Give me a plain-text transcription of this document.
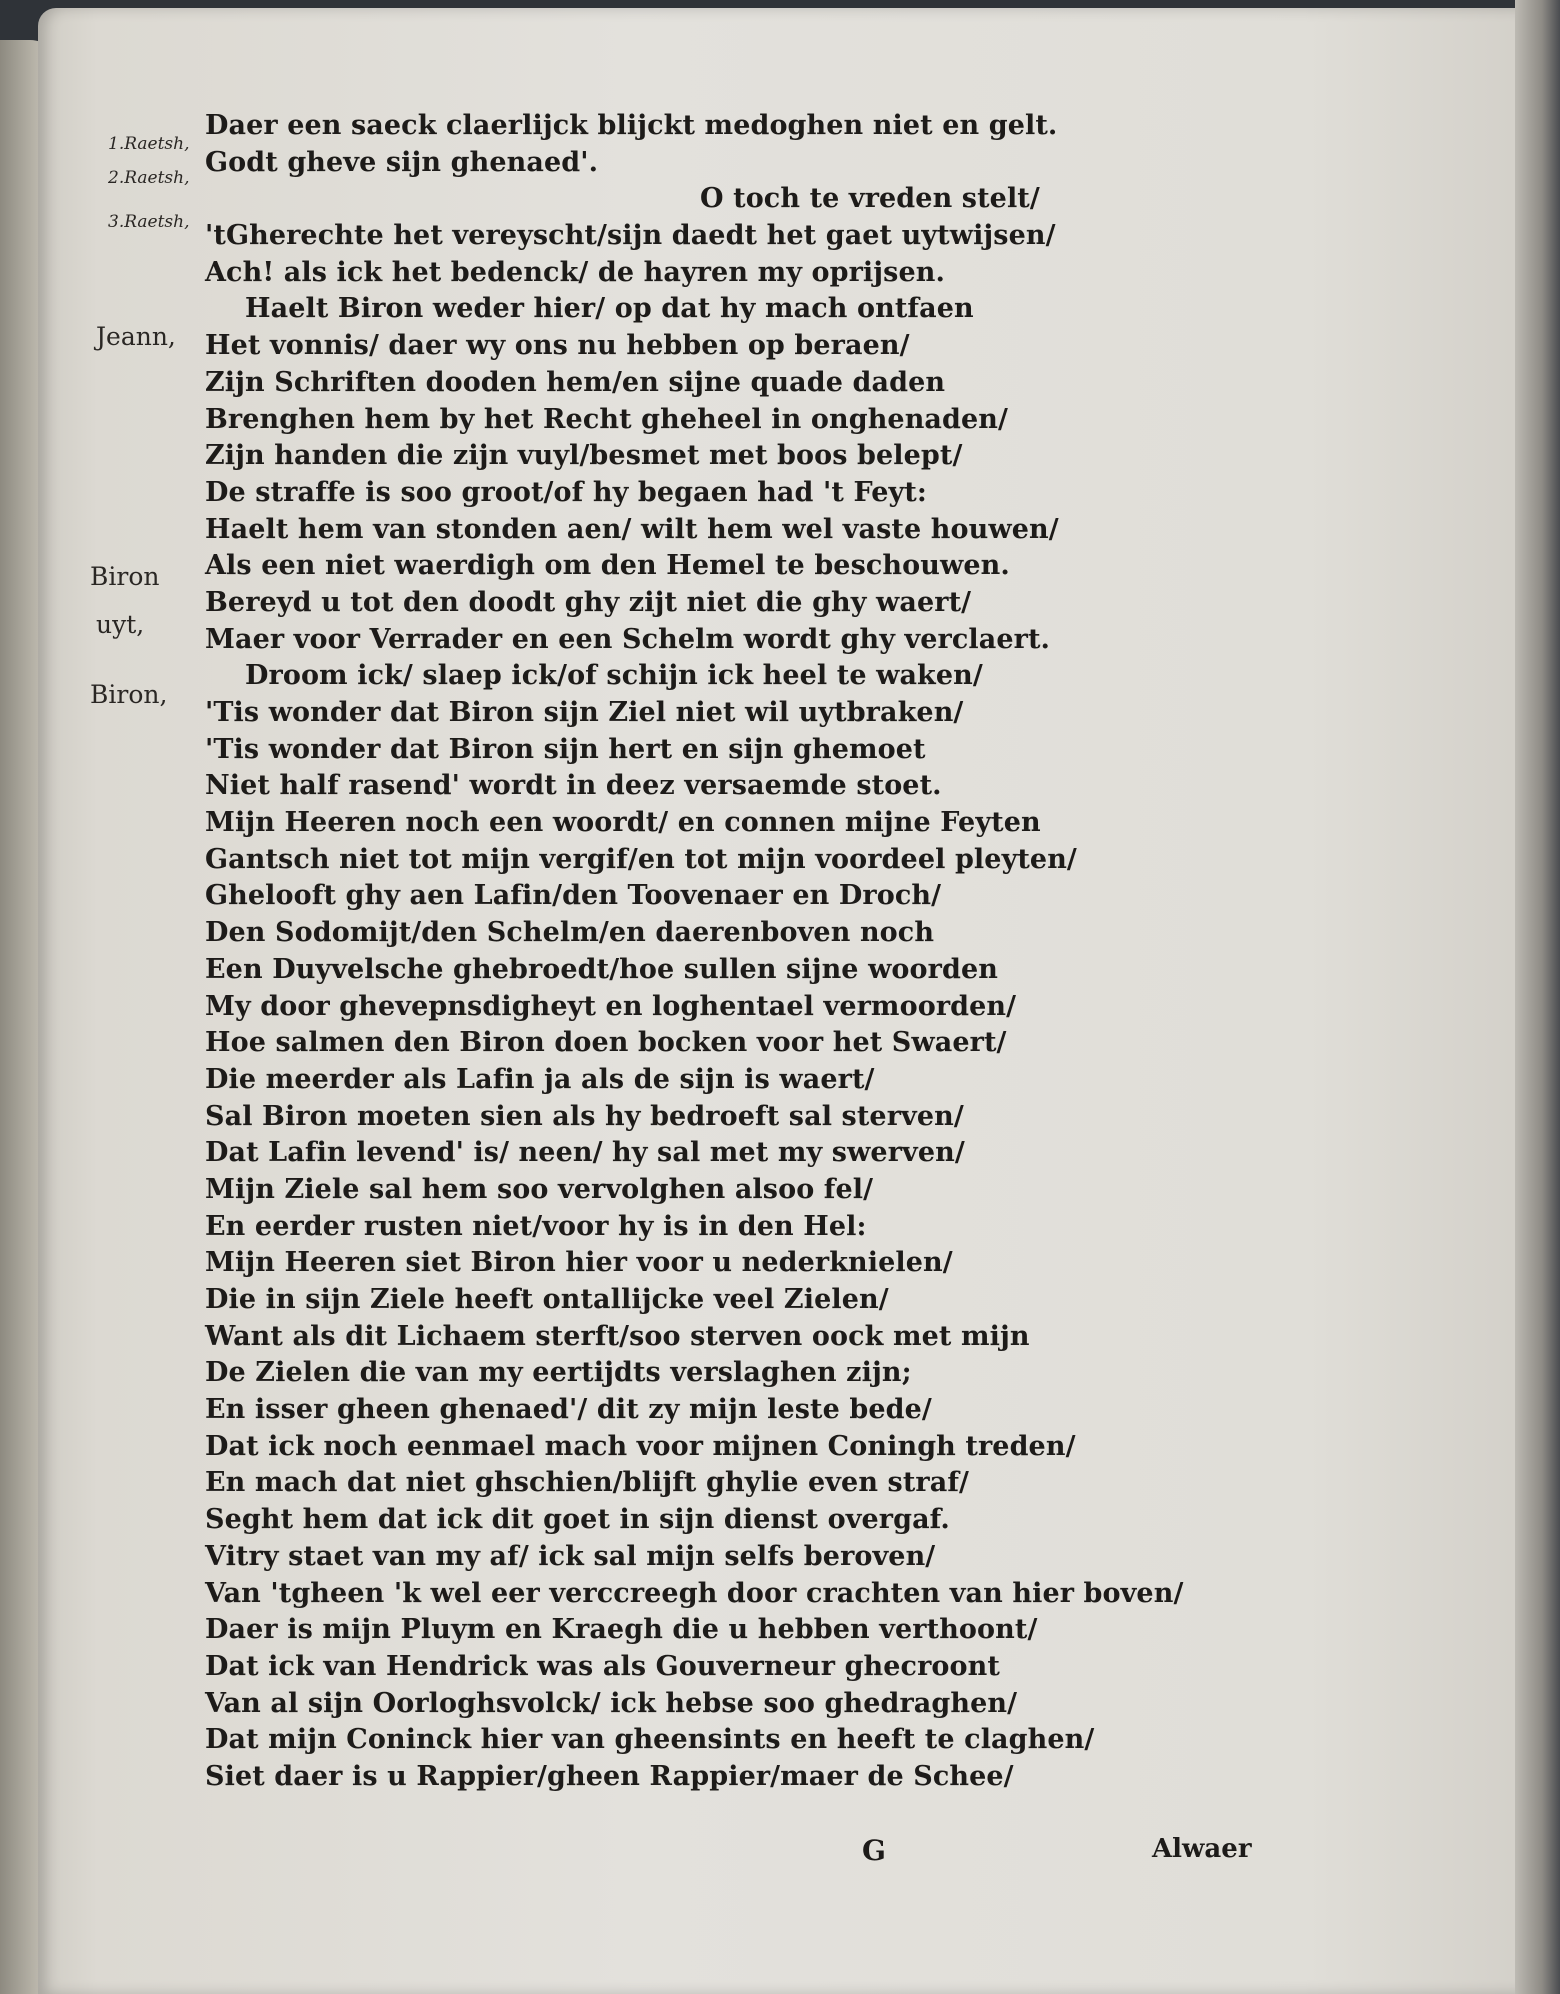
1.Raetsh,
2.Raetsh,
3.Raetsh,
Jeann,
Biron
uyt,
Biron,
Daer een saeck claerlijck blijckt medoghen niet en gelt.
Godt gheve sijn ghenaed'.
O toch te vreden stelt/
'tGherechte het vereyscht/sijn daedt het gaet uytwijsen/
Ach! als ick het bedenck/ de hayren my oprijsen.
Haelt Biron weder hier/ op dat hy mach ontfaen
Het vonnis/ daer wy ons nu hebben op beraen/
Zijn Schriften dooden hem/en sijne quade daden
Brenghen hem by het Recht gheheel in onghenaden/
Zijn handen die zijn vuyl/besmet met boos belept/
De straffe is soo groot/of hy begaen had 't Feyt:
Haelt hem van stonden aen/ wilt hem wel vaste houwen/
Als een niet waerdigh om den Hemel te beschouwen.
Bereyd u tot den doodt ghy zijt niet die ghy waert/
Maer voor Verrader en een Schelm wordt ghy verclaert.
Droom ick/ slaep ick/of schijn ick heel te waken/
'Tis wonder dat Biron sijn Ziel niet wil uytbraken/
'Tis wonder dat Biron sijn hert en sijn ghemoet
Niet half rasend' wordt in deez versaemde stoet.
Mijn Heeren noch een woordt/ en connen mijne Feyten
Gantsch niet tot mijn vergif/en tot mijn voordeel pleyten/
Ghelooft ghy aen Lafin/den Toovenaer en Droch/
Den Sodomijt/den Schelm/en daerenboven noch
Een Duyvelsche ghebroedt/hoe sullen sijne woorden
My door ghevepnsdigheyt en loghentael vermoorden/
Hoe salmen den Biron doen bocken voor het Swaert/
Die meerder als Lafin ja als de sijn is waert/
Sal Biron moeten sien als hy bedroeft sal sterven/
Dat Lafin levend' is/ neen/ hy sal met my swerven/
Mijn Ziele sal hem soo vervolghen alsoo fel/
En eerder rusten niet/voor hy is in den Hel:
Mijn Heeren siet Biron hier voor u nederknielen/
Die in sijn Ziele heeft ontallijcke veel Zielen/
Want als dit Lichaem sterft/soo sterven oock met mijn
De Zielen die van my eertijdts verslaghen zijn;
En isser gheen ghenaed'/ dit zy mijn leste bede/
Dat ick noch eenmael mach voor mijnen Coningh treden/
En mach dat niet ghschien/blijft ghylie even straf/
Seght hem dat ick dit goet in sijn dienst overgaf.
Vitry staet van my af/ ick sal mijn selfs beroven/
Van 'tgheen 'k wel eer verccreegh door crachten van hier boven/
Daer is mijn Pluym en Kraegh die u hebben verthoont/
Dat ick van Hendrick was als Gouverneur ghecroont
Van al sijn Oorloghsvolck/ ick hebse soo ghedraghen/
Dat mijn Coninck hier van gheensints en heeft te claghen/
Siet daer is u Rappier/gheen Rappier/maer de Schee/
G	Alwaer
